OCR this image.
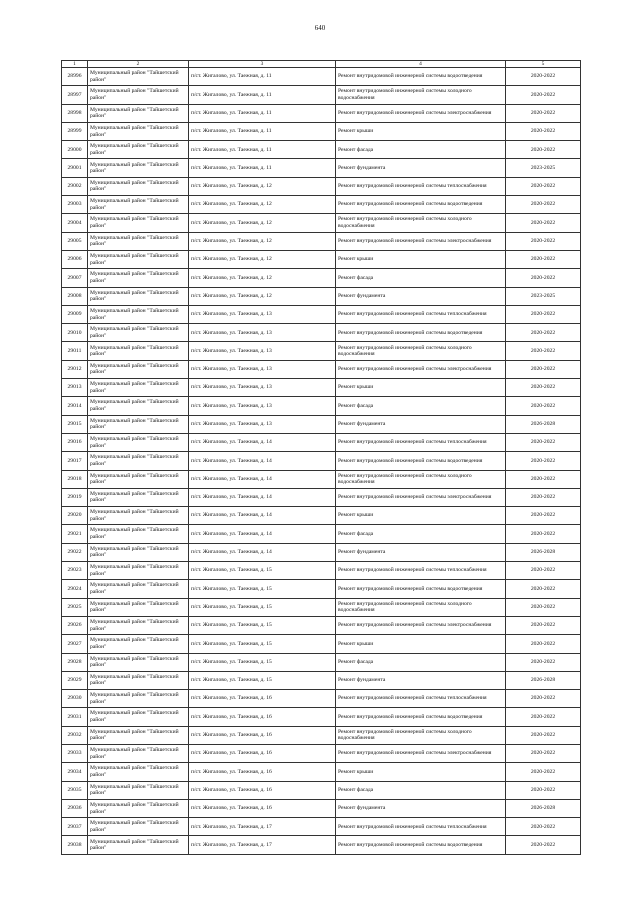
640
1	2	3	4	5
28996	Муниципальный район "Тайшетский район"	п/ст. Жигалово, ул. Таежная, д. 11	Ремонт внутридомовой инженерной системы водоотведения	2020-2022
28997	Муниципальный район "Тайшетский район"	п/ст. Жигалово, ул. Таежная, д. 11	Ремонт внутридомовой инженерной системы холодного водоснабжения	2020-2022
28998	Муниципальный район "Тайшетский район"	п/ст. Жигалово, ул. Таежная, д. 11	Ремонт внутридомовой инженерной системы электроснабжения	2020-2022
28999	Муниципальный район "Тайшетский район"	п/ст. Жигалово, ул. Таежная, д. 11	Ремонт крыши	2020-2022
29000	Муниципальный район "Тайшетский район"	п/ст. Жигалово, ул. Таежная, д. 11	Ремонт фасада	2020-2022
29001	Муниципальный район "Тайшетский район"	п/ст. Жигалово, ул. Таежная, д. 11	Ремонт фундамента	2023-2025
29002	Муниципальный район "Тайшетский район"	п/ст. Жигалово, ул. Таежная, д. 12	Ремонт внутридомовой инженерной системы теплоснабжения	2020-2022
29003	Муниципальный район "Тайшетский район"	п/ст. Жигалово, ул. Таежная, д. 12	Ремонт внутридомовой инженерной системы водоотведения	2020-2022
29004	Муниципальный район "Тайшетский район"	п/ст. Жигалово, ул. Таежная, д. 12	Ремонт внутридомовой инженерной системы холодного водоснабжения	2020-2022
29005	Муниципальный район "Тайшетский район"	п/ст. Жигалово, ул. Таежная, д. 12	Ремонт внутридомовой инженерной системы электроснабжения	2020-2022
29006	Муниципальный район "Тайшетский район"	п/ст. Жигалово, ул. Таежная, д. 12	Ремонт крыши	2020-2022
29007	Муниципальный район "Тайшетский район"	п/ст. Жигалово, ул. Таежная, д. 12	Ремонт фасада	2020-2022
29008	Муниципальный район "Тайшетский район"	п/ст. Жигалово, ул. Таежная, д. 12	Ремонт фундамента	2023-2025
29009	Муниципальный район "Тайшетский район"	п/ст. Жигалово, ул. Таежная, д. 13	Ремонт внутридомовой инженерной системы теплоснабжения	2020-2022
29010	Муниципальный район "Тайшетский район"	п/ст. Жигалово, ул. Таежная, д. 13	Ремонт внутридомовой инженерной системы водоотведения	2020-2022
29011	Муниципальный район "Тайшетский район"	п/ст. Жигалово, ул. Таежная, д. 13	Ремонт внутридомовой инженерной системы холодного водоснабжения	2020-2022
29012	Муниципальный район "Тайшетский район"	п/ст. Жигалово, ул. Таежная, д. 13	Ремонт внутридомовой инженерной системы электроснабжения	2020-2022
29013	Муниципальный район "Тайшетский район"	п/ст. Жигалово, ул. Таежная, д. 13	Ремонт крыши	2020-2022
29014	Муниципальный район "Тайшетский район"	п/ст. Жигалово, ул. Таежная, д. 13	Ремонт фасада	2020-2022
29015	Муниципальный район "Тайшетский район"	п/ст. Жигалово, ул. Таежная, д. 13	Ремонт фундамента	2026-2028
29016	Муниципальный район "Тайшетский район"	п/ст. Жигалово, ул. Таежная, д. 14	Ремонт внутридомовой инженерной системы теплоснабжения	2020-2022
29017	Муниципальный район "Тайшетский район"	п/ст. Жигалово, ул. Таежная, д. 14	Ремонт внутридомовой инженерной системы водоотведения	2020-2022
29018	Муниципальный район "Тайшетский район"	п/ст. Жигалово, ул. Таежная, д. 14	Ремонт внутридомовой инженерной системы холодного водоснабжения	2020-2022
29019	Муниципальный район "Тайшетский район"	п/ст. Жигалово, ул. Таежная, д. 14	Ремонт внутридомовой инженерной системы электроснабжения	2020-2022
29020	Муниципальный район "Тайшетский район"	п/ст. Жигалово, ул. Таежная, д. 14	Ремонт крыши	2020-2022
29021	Муниципальный район "Тайшетский район"	п/ст. Жигалово, ул. Таежная, д. 14	Ремонт фасада	2020-2022
29022	Муниципальный район "Тайшетский район"	п/ст. Жигалово, ул. Таежная, д. 14	Ремонт фундамента	2026-2028
29023	Муниципальный район "Тайшетский район"	п/ст. Жигалово, ул. Таежная, д. 15	Ремонт внутридомовой инженерной системы теплоснабжения	2020-2022
29024	Муниципальный район "Тайшетский район"	п/ст. Жигалово, ул. Таежная, д. 15	Ремонт внутридомовой инженерной системы водоотведения	2020-2022
29025	Муниципальный район "Тайшетский район"	п/ст. Жигалово, ул. Таежная, д. 15	Ремонт внутридомовой инженерной системы холодного водоснабжения	2020-2022
29026	Муниципальный район "Тайшетский район"	п/ст. Жигалово, ул. Таежная, д. 15	Ремонт внутридомовой инженерной системы электроснабжения	2020-2022
29027	Муниципальный район "Тайшетский район"	п/ст. Жигалово, ул. Таежная, д. 15	Ремонт крыши	2020-2022
29028	Муниципальный район "Тайшетский район"	п/ст. Жигалово, ул. Таежная, д. 15	Ремонт фасада	2020-2022
29029	Муниципальный район "Тайшетский район"	п/ст. Жигалово, ул. Таежная, д. 15	Ремонт фундамента	2026-2028
29030	Муниципальный район "Тайшетский район"	п/ст. Жигалово, ул. Таежная, д. 16	Ремонт внутридомовой инженерной системы теплоснабжения	2020-2022
29031	Муниципальный район "Тайшетский район"	п/ст. Жигалово, ул. Таежная, д. 16	Ремонт внутридомовой инженерной системы водоотведения	2020-2022
29032	Муниципальный район "Тайшетский район"	п/ст. Жигалово, ул. Таежная, д. 16	Ремонт внутридомовой инженерной системы холодного водоснабжения	2020-2022
29033	Муниципальный район "Тайшетский район"	п/ст. Жигалово, ул. Таежная, д. 16	Ремонт внутридомовой инженерной системы электроснабжения	2020-2022
29034	Муниципальный район "Тайшетский район"	п/ст. Жигалово, ул. Таежная, д. 16	Ремонт крыши	2020-2022
29035	Муниципальный район "Тайшетский район"	п/ст. Жигалово, ул. Таежная, д. 16	Ремонт фасада	2020-2022
29036	Муниципальный район "Тайшетский район"	п/ст. Жигалово, ул. Таежная, д. 16	Ремонт фундамента	2026-2028
29037	Муниципальный район "Тайшетский район"	п/ст. Жигалово, ул. Таежная, д. 17	Ремонт внутридомовой инженерной системы теплоснабжения	2020-2022
29038	Муниципальный район "Тайшетский район"	п/ст. Жигалово, ул. Таежная, д. 17	Ремонт внутридомовой инженерной системы водоотведения	2020-2022
